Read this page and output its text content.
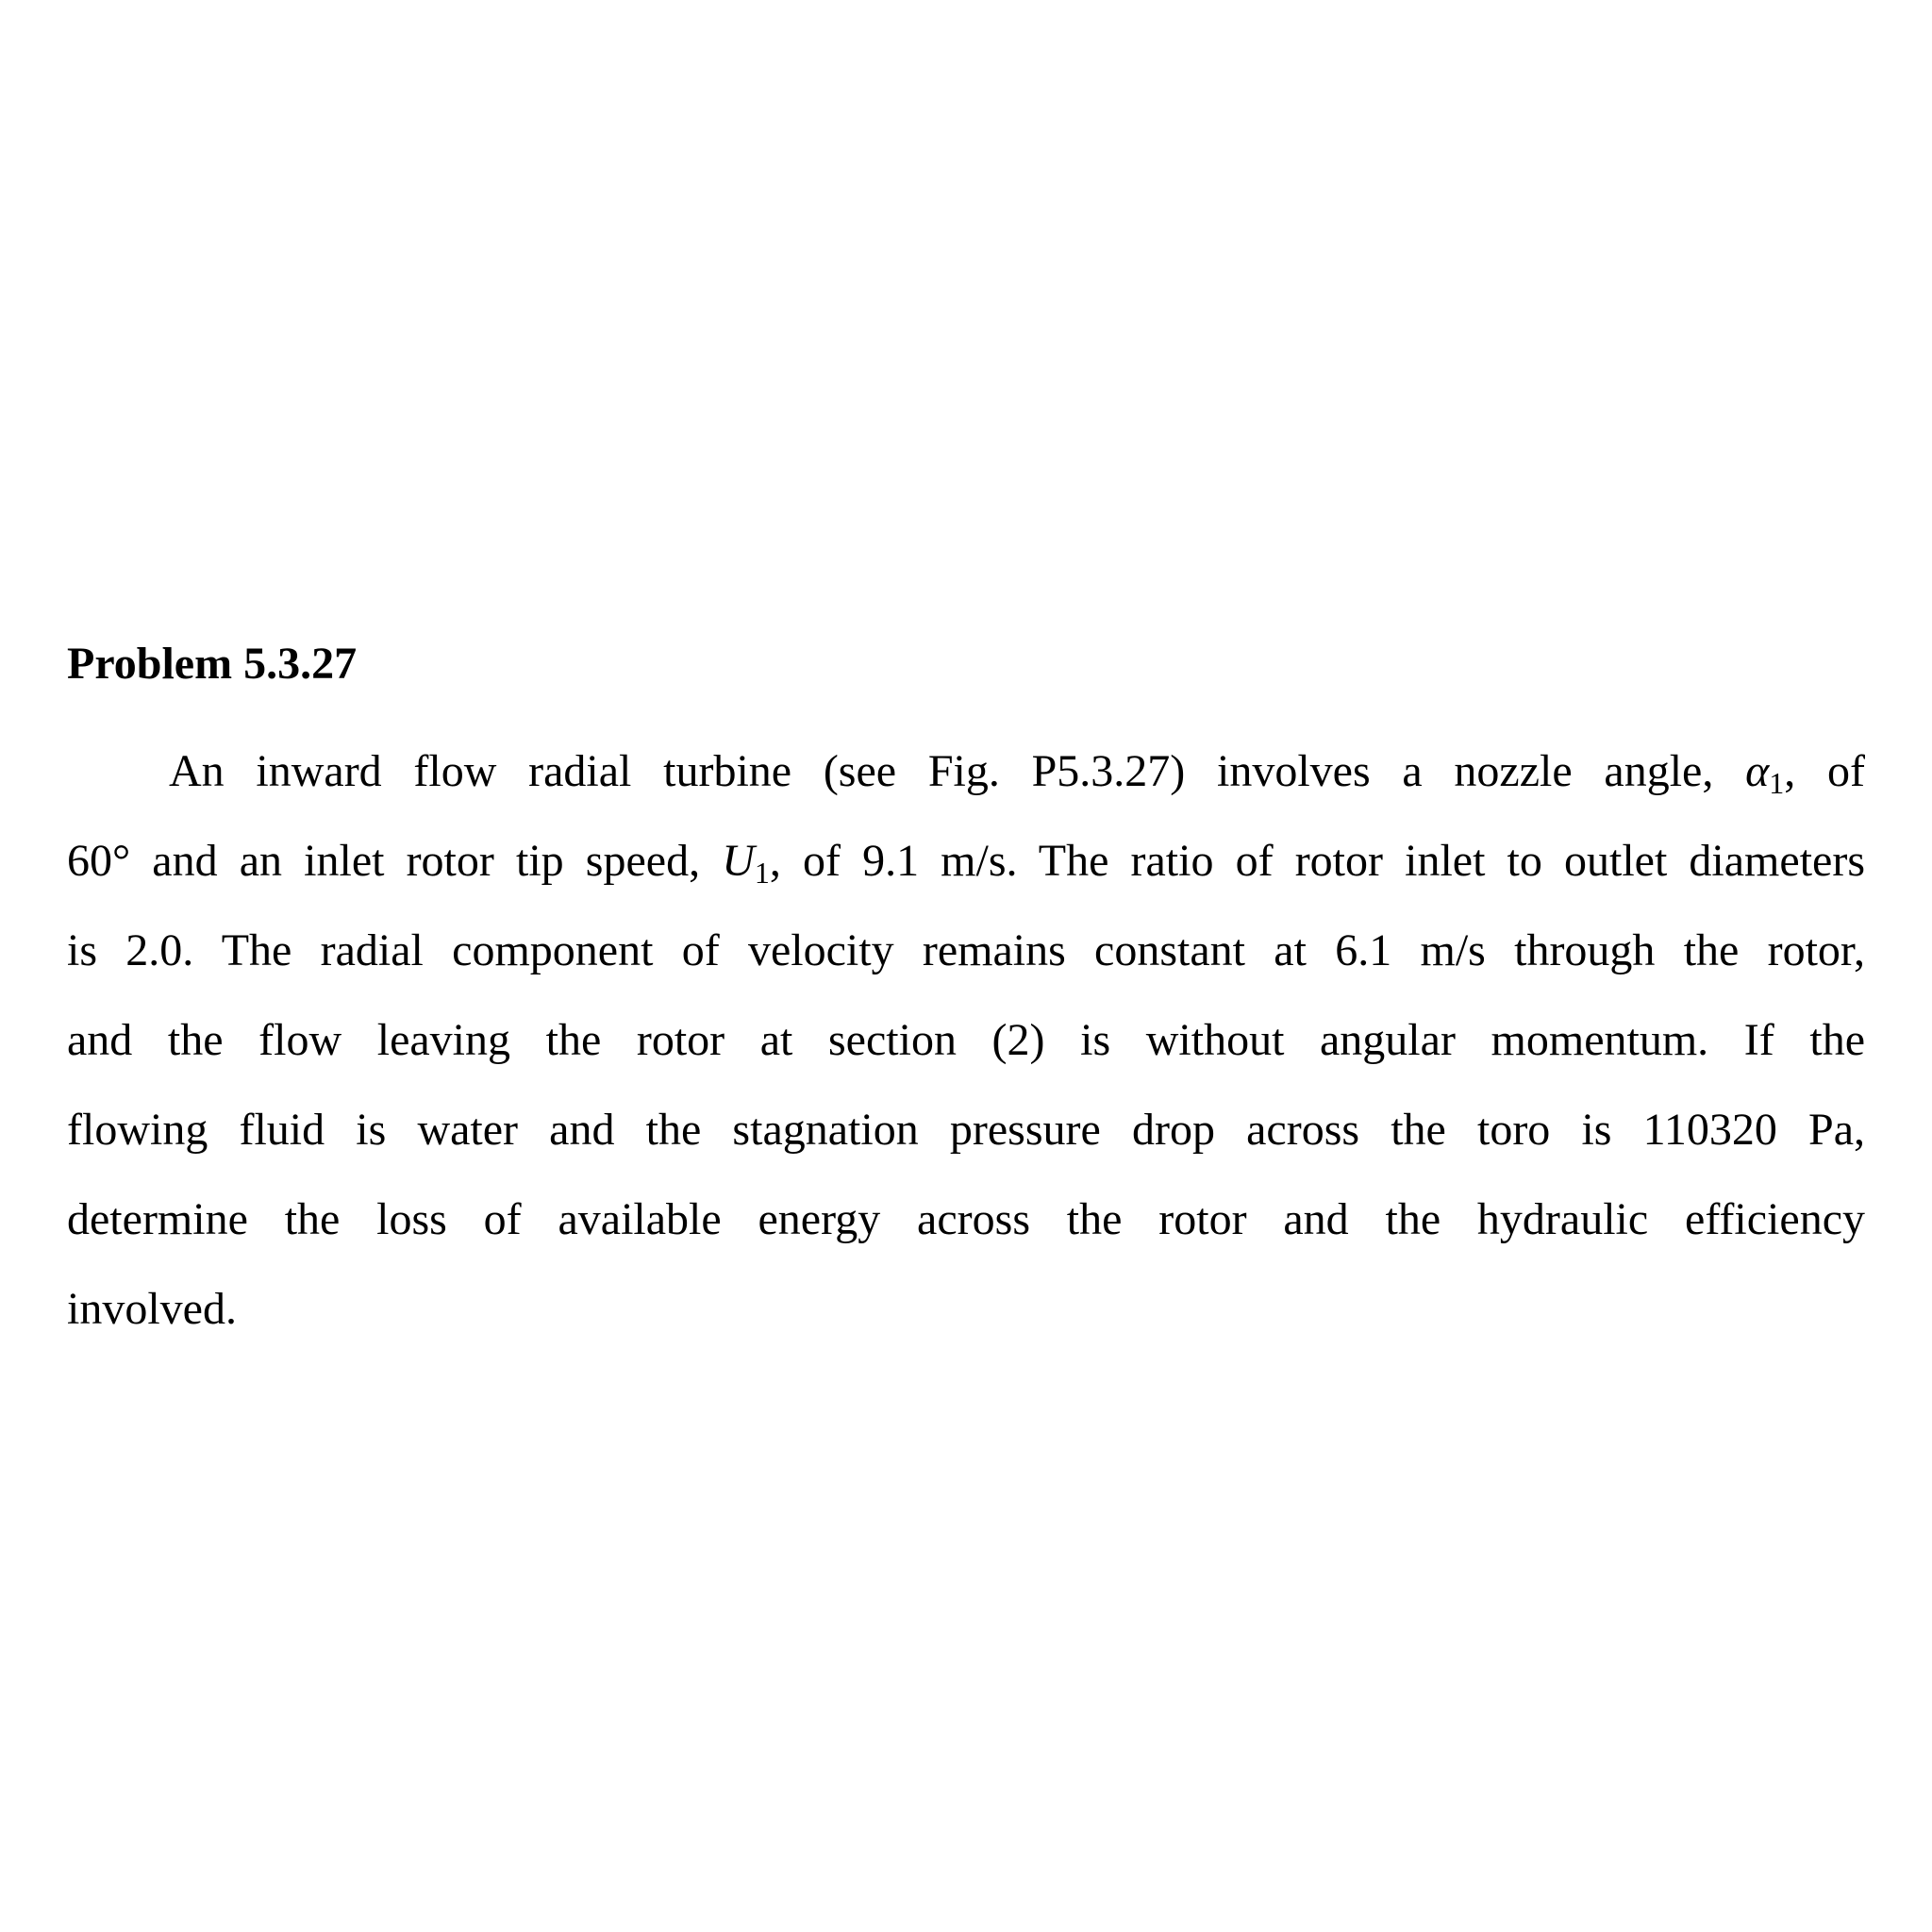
Problem 5.3.27
An inward flow radial turbine (see Fig. P5.3.27) involves a nozzle angle, α1, of
60° and an inlet rotor tip speed, U1, of 9.1 m/s. The ratio of rotor inlet to outlet diameters
is 2.0. The radial component of velocity remains constant at 6.1 m/s through the rotor,
and the flow leaving the rotor at section (2) is without angular momentum. If the
flowing fluid is water and the stagnation pressure drop across the toro is 110320 Pa,
determine the loss of available energy across the rotor and the hydraulic efficiency
involved.
